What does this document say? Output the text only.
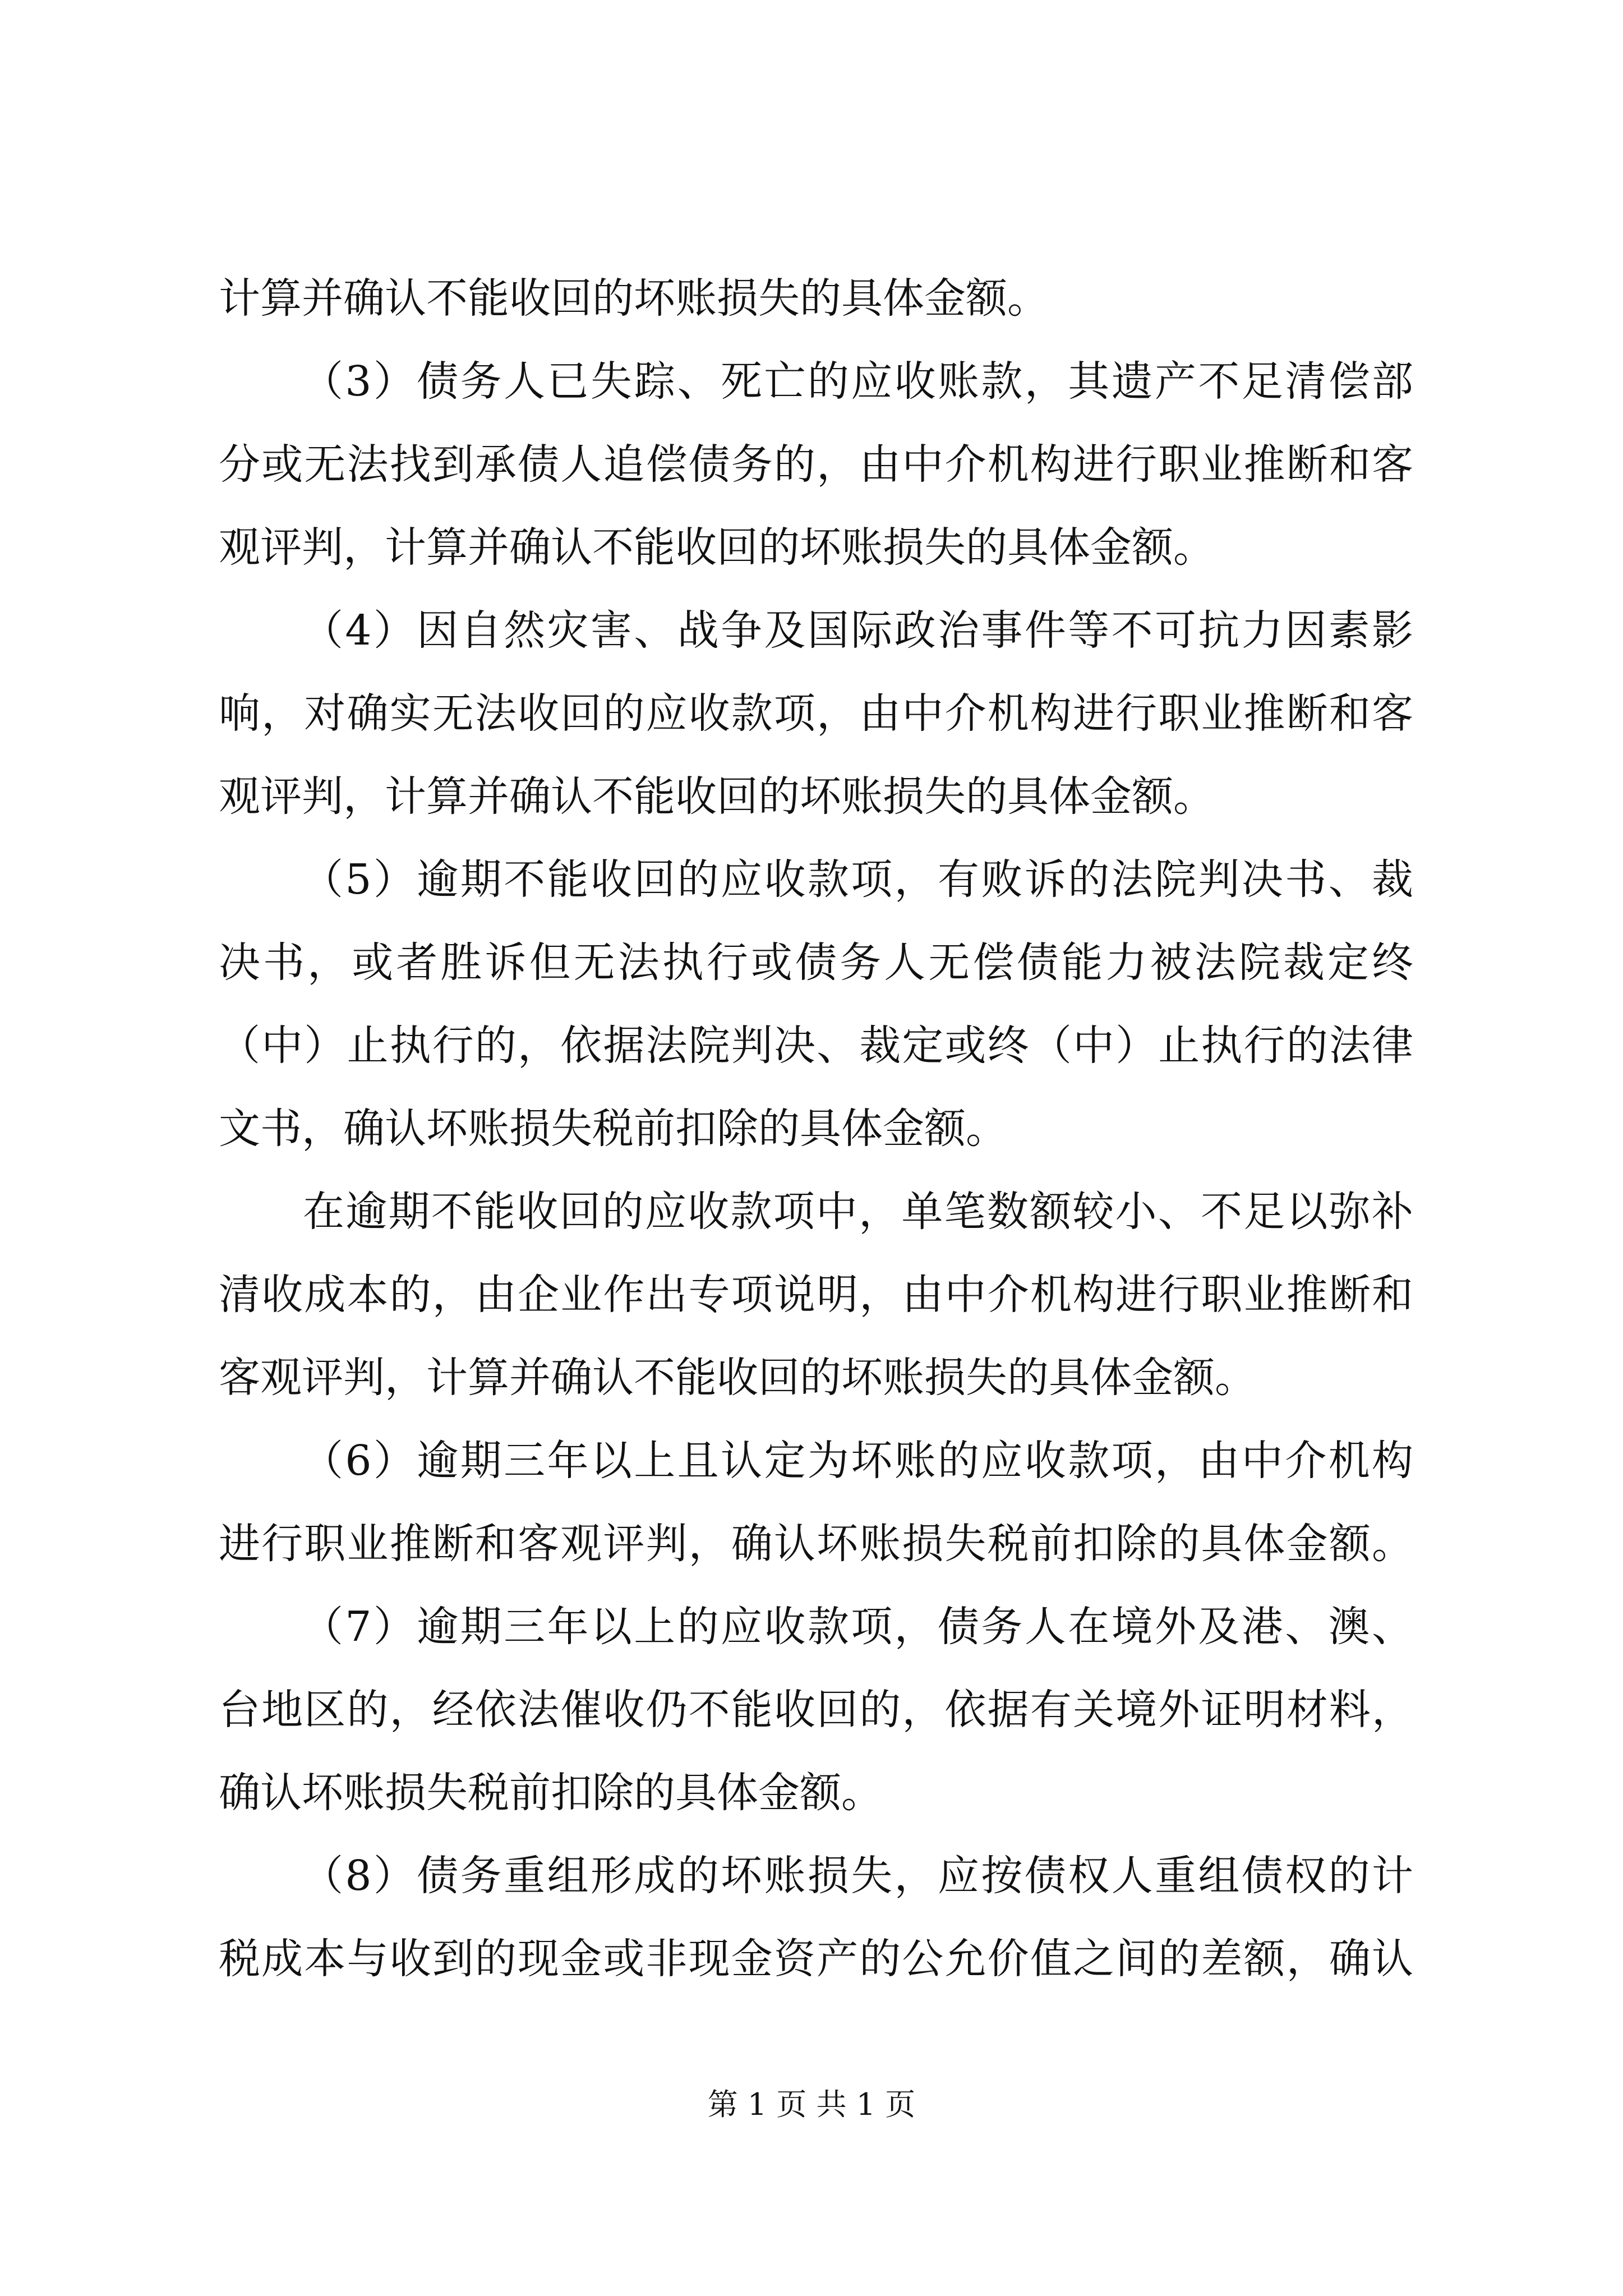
计算并确认不能收回的坏账损失的具体金额。
（3）债务人已失踪、死亡的应收账款，其遗产不足清偿部
分或无法找到承债人追偿债务的，由中介机构进行职业推断和客
观评判，计算并确认不能收回的坏账损失的具体金额。
（4）因自然灾害、战争及国际政治事件等不可抗力因素影
响，对确实无法收回的应收款项，由中介机构进行职业推断和客
观评判，计算并确认不能收回的坏账损失的具体金额。
（5）逾期不能收回的应收款项，有败诉的法院判决书、裁
决书，或者胜诉但无法执行或债务人无偿债能力被法院裁定终
（中）止执行的，依据法院判决、裁定或终（中）止执行的法律
文书，确认坏账损失税前扣除的具体金额。
在逾期不能收回的应收款项中，单笔数额较小、不足以弥补
清收成本的，由企业作出专项说明，由中介机构进行职业推断和
客观评判，计算并确认不能收回的坏账损失的具体金额。
（6）逾期三年以上且认定为坏账的应收款项，由中介机构
进行职业推断和客观评判，确认坏账损失税前扣除的具体金额。
（7）逾期三年以上的应收款项，债务人在境外及港、澳、
台地区的，经依法催收仍不能收回的，依据有关境外证明材料，
确认坏账损失税前扣除的具体金额。
（8）债务重组形成的坏账损失，应按债权人重组债权的计
税成本与收到的现金或非现金资产的公允价值之间的差额，确认
第 1 页 共 1 页
